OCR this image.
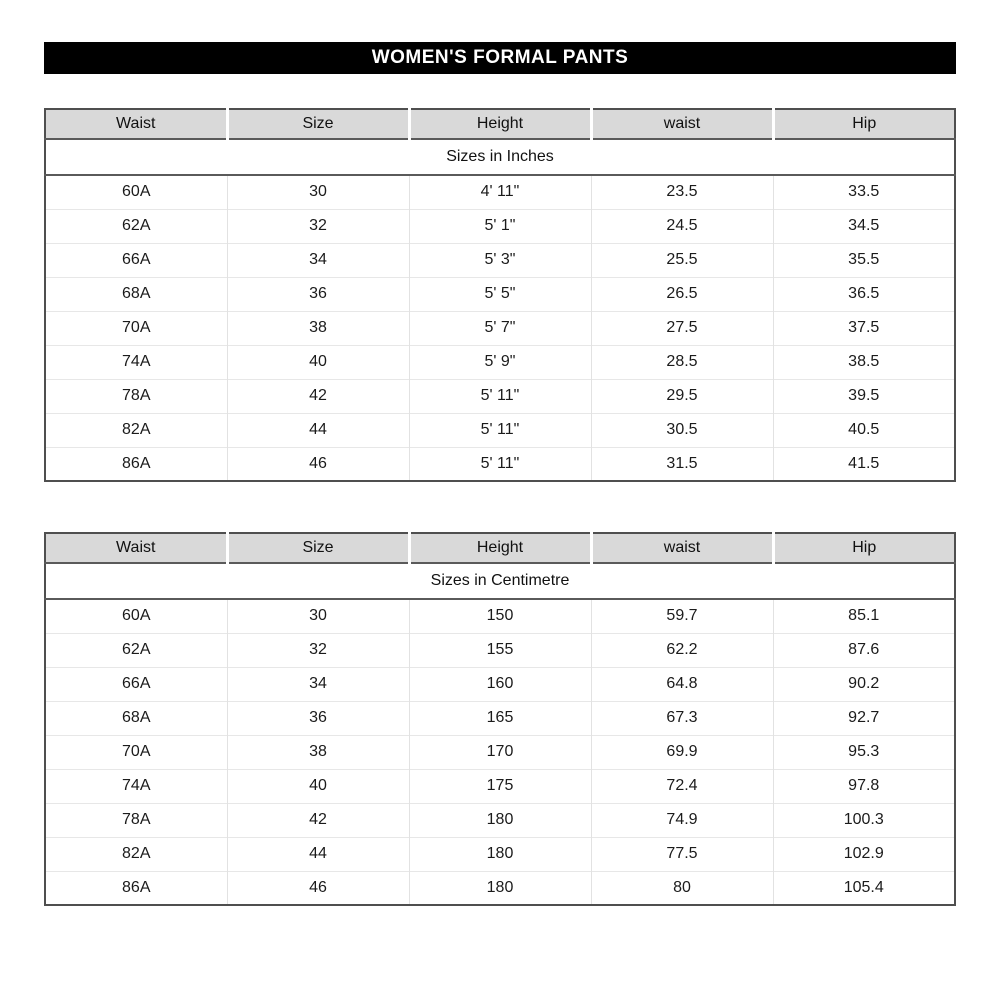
WOMEN'S FORMAL PANTS
Sizes in Inches				
Waist	Size	Height	waist	Hip
60A	30	4' 11"	23.5	33.5
62A	32	5' 1"	24.5	34.5
66A	34	5' 3"	25.5	35.5
68A	36	5' 5"	26.5	36.5
70A	38	5' 7"	27.5	37.5
74A	40	5' 9"	28.5	38.5
78A	42	5' 11"	29.5	39.5
82A	44	5' 11"	30.5	40.5
86A	46	5' 11"	31.5	41.5
Sizes in Centimetre				
Waist	Size	Height	waist	Hip
60A	30	150	59.7	85.1
62A	32	155	62.2	87.6
66A	34	160	64.8	90.2
68A	36	165	67.3	92.7
70A	38	170	69.9	95.3
74A	40	175	72.4	97.8
78A	42	180	74.9	100.3
82A	44	180	77.5	102.9
86A	46	180	80	105.4
